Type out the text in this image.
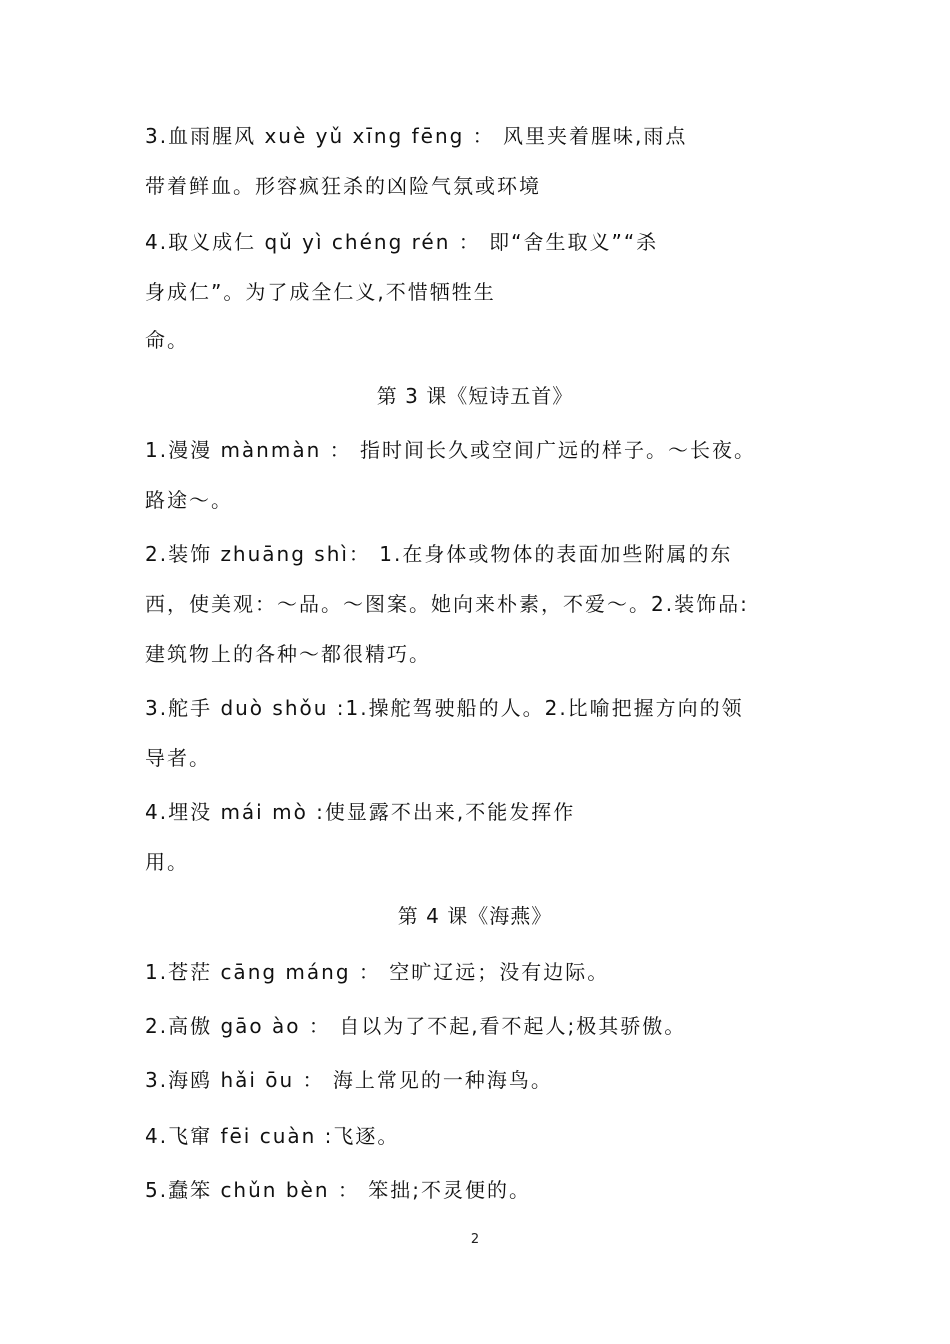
3.血雨腥风 xuè yǔ xīng fēng ： 风里夹着腥味,雨点
带着鲜血。形容疯狂杀的凶险气氛或环境
4.取义成仁 qǔ yì chéng rén ： 即“舍生取义”“杀
身成仁”。为了成全仁义,不惜牺牲生
命。
第 3 课《短诗五首》
1.漫漫 mànmàn ： 指时间长久或空间广远的样子。～长夜。
路途～。
2.装饰 zhuāng shì： 1.在身体或物体的表面加些附属的东
西，使美观：～品。～图案。她向来朴素，不爱～。2.装饰品:
建筑物上的各种～都很精巧。
3.舵手 duò shǒu :1.操舵驾驶船的人。2.比喻把握方向的领
导者。
4.埋没 mái mò :使显露不出来,不能发挥作
用。
第 4 课《海燕》
1.苍茫 cāng máng ： 空旷辽远；没有边际。
2.高傲 gāo ào ： 自以为了不起,看不起人;极其骄傲。
3.海鸥 hǎi ōu ： 海上常见的一种海鸟。
4.飞窜 fēi cuàn :飞逐。
5.蠢笨 chǔn bèn ： 笨拙;不灵便的。
2
